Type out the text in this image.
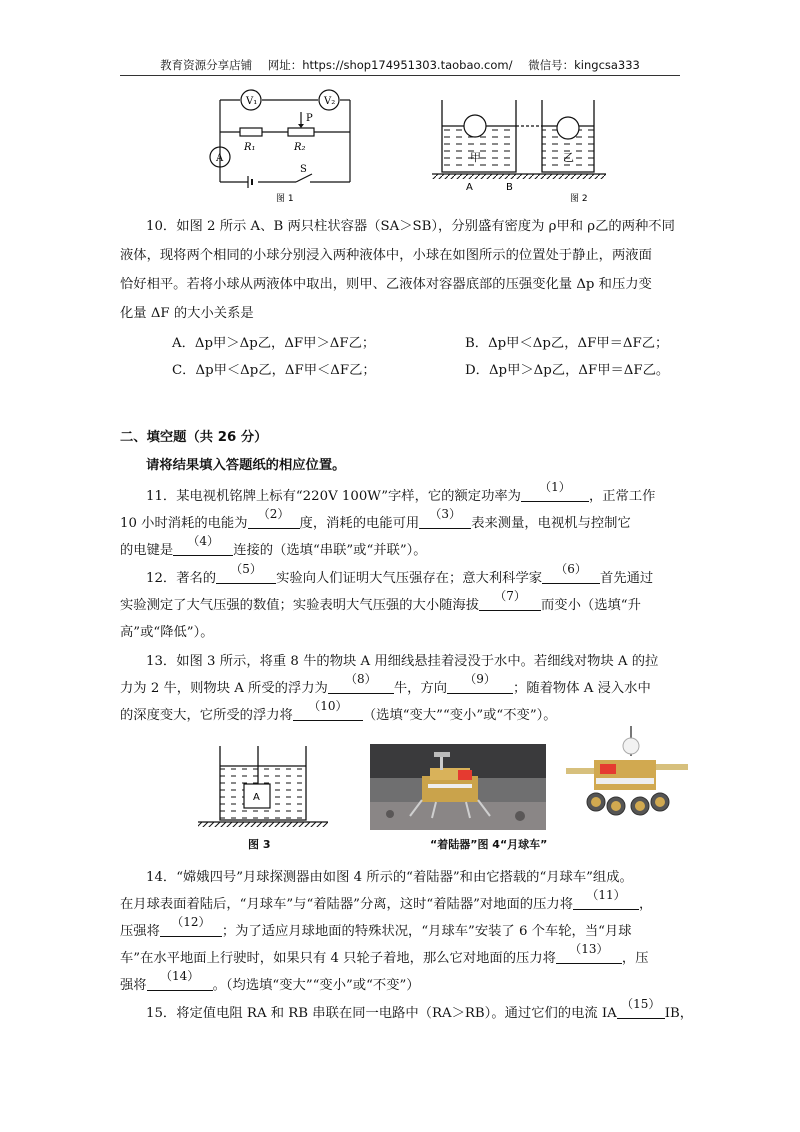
教育资源分享店铺 网址：https://shop174951303.taobao.com/ 微信号：kingcsa333
V₁	V₂
A
P
R₁	R₂
S
图 1
甲	乙
A	B
图 2
10．如图 2 所示 A、B 两只柱状容器（SA＞SB），分别盛有密度为 ρ甲和 ρ乙的两种不同
液体，现将两个相同的小球分别浸入两种液体中，小球在如图所示的位置处于静止，两液面
恰好相平。若将小球从两液体中取出，则甲、乙液体对容器底部的压强变化量 Δp 和压力变
化量 ΔF 的大小关系是
A．Δp甲＞Δp乙，ΔF甲＞ΔF乙；	B．Δp甲＜Δp乙，ΔF甲＝ΔF乙；
C．Δp甲＜Δp乙，ΔF甲＜ΔF乙；	D．Δp甲＞Δp乙，ΔF甲＝ΔF乙。
二、填空题（共 26 分）
请将结果填入答题纸的相应位置。
11．某电视机铭牌上标有“220V 100W”字样，它的额定功率为
（1）
，正常工作
10 小时消耗的电能为
（2）
度，消耗的电能可用
（3）
表来测量，电视机与控制它
的电键是
（4）
连接的（选填“串联”或“并联”）。
12．著名的
（5）
实验向人们证明大气压强存在；意大利科学家
（6）
首先通过
实验测定了大气压强的数值；实验表明大气压强的大小随海拔
（7）
而变小（选填“升
高”或“降低”）。
13．如图 3 所示，将重 8 牛的物块 A 用细线悬挂着浸没于水中。若细线对物块 A 的拉
力为 2 牛，则物块 A 所受的浮力为
（8）
牛，方向
（9）
；随着物体 A 浸入水中
的深度变大，它所受的浮力将
（10）
（选填“变大”“变小”或“不变”）。
A
图 3	“着陆器”图 4“月球车”
14．“嫦娥四号”月球探测器由如图 4 所示的“着陆器”和由它搭载的“月球车”组成。
在月球表面着陆后，“月球车”与“着陆器”分离，这时“着陆器”对地面的压力将
（11）
，
压强将
（12）
；为了适应月球地面的特殊状况，“月球车”安装了 6 个车轮，当“月球
车”在水平地面上行驶时，如果只有 4 只轮子着地，那么它对地面的压力将
（13）
，压
强将
（14）
。（均选填“变大”“变小”或“不变”）
15．将定值电阻 RA 和 RB 串联在同一电路中（RA＞RB）。通过它们的电流 IA
（15）
IB，
